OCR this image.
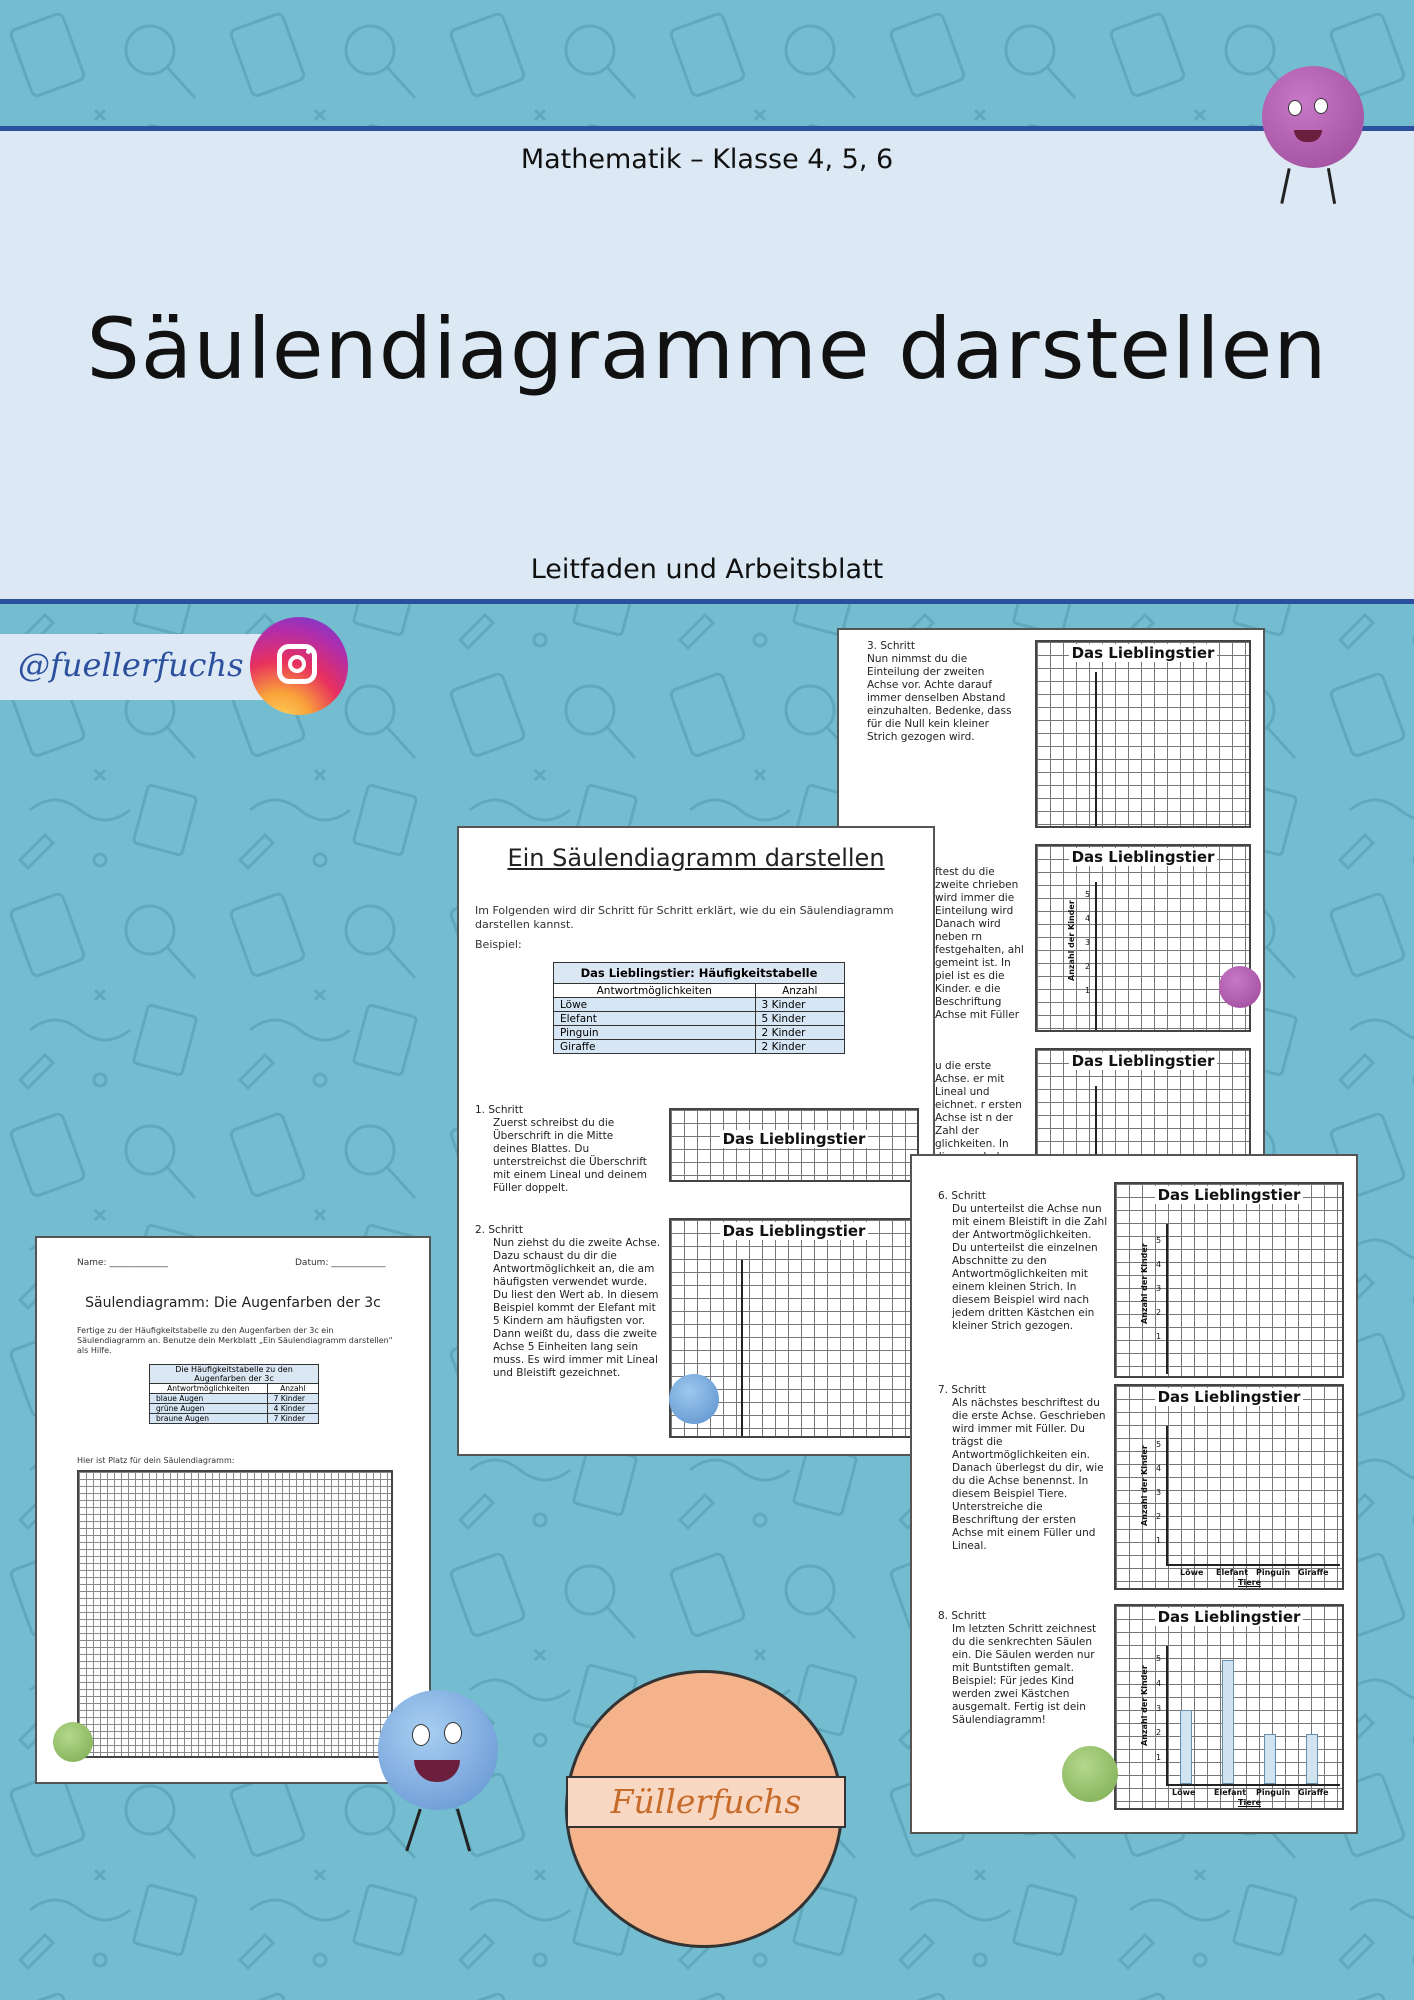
Mathematik – Klasse 4, 5, 6
Säulendiagramme darstellen
Leitfaden und Arbeitsblatt
@fuellerfuchs	3. Schritt
Nun nimmst du die Einteilung der zweiten Achse vor. Achte darauf immer denselben Abstand einzuhalten. Bedenke, dass für die Null kein kleiner Strich gezogen wird.
Das Lieblingstier
ftest du die zweite chrieben wird immer die Einteilung wird Danach wird neben rn festgehalten, ahl gemeint ist. In piel ist es die Kinder. e die Beschriftung Achse mit Füller
Das Lieblingstier
Anzahl der Kinder
1
2
3
4
5
u die erste Achse. er mit Lineal und eichnet. r ersten Achse ist n der Zahl der glichkeiten. In
Das Lieblingstier
Ein Säulendiagramm darstellen
Im Folgenden wird dir Schritt für Schritt erklärt, wie du ein Säulendiagramm darstellen kannst.
Beispiel:
Das Lieblingstier: Häufigkeitstabelle	
Antwortmöglichkeiten	Anzahl
Löwe	3 Kinder
Elefant	5 Kinder
Pinguin	2 Kinder
Giraffe	2 Kinder
1. Schritt

Zuerst schreibst du die Überschrift in die Mitte deines Blattes. Du unterstreichst die Überschrift mit einem Lineal und deinem Füller doppelt.
Das Lieblingstier
2. Schritt

Nun ziehst du die zweite Achse. Dazu schaust du dir die Antwortmöglichkeit an, die am häufigsten verwendet wurde. Du liest den Wert ab. In diesem Beispiel kommt der Elefant mit 5 Kindern am häufigsten vor. Dann weißt du, dass die zweite Achse 5 Einheiten lang sein muss. Es wird immer mit Lineal und Bleistift gezeichnet.
Das Lieblingstier
Name: _____________	Datum: ____________
Säulendiagramm: Die Augenfarben der 3c
Fertige zu der Häufigkeitstabelle zu den Augenfarben der 3c ein Säulendiagramm an. Benutze dein Merkblatt „Ein Säulendiagramm darstellen" als Hilfe.
Die Häufigkeitstabelle zu den Augenfarben der 3c	
Antwortmöglichkeiten	Anzahl
blaue Augen	7 Kinder
grüne Augen	4 Kinder
braune Augen	7 Kinder
Hier ist Platz für dein Säulendiagramm:
6. Schritt

Du unterteilst die Achse nun mit einem Bleistift in die Zahl der Antwortmöglichkeiten. Du unterteilst die einzelnen Abschnitte zu den Antwortmöglichkeiten mit einem kleinen Strich. In diesem Beispiel wird nach jedem dritten Kästchen ein kleiner Strich gezogen.
Das Lieblingstier
Anzahl der Kinder
1
2
3
4
5
7. Schritt

Als nächstes beschriftest du die erste Achse. Geschrieben wird immer mit Füller. Du trägst die Antwortmöglichkeiten ein. Danach überlegst du dir, wie du die Achse benennst. In diesem Beispiel Tiere. Unterstreiche die Beschriftung der ersten Achse mit einem Füller und Lineal.
Das Lieblingstier
Anzahl der Kinder
1
2
3
4
5
Löwe Elefant Pinguin Giraffe
Tiere
8. Schritt

Im letzten Schritt zeichnest du die senkrechten Säulen ein. Die Säulen werden nur mit Buntstiften gemalt. Beispiel: Für jedes Kind werden zwei Kästchen ausgemalt. Fertig ist dein Säulendiagramm!
Das Lieblingstier
Anzahl der Kinder
1
2
3
4
5
Löwe Elefant Pinguin Giraffe
Tiere
Füllerfuchs
